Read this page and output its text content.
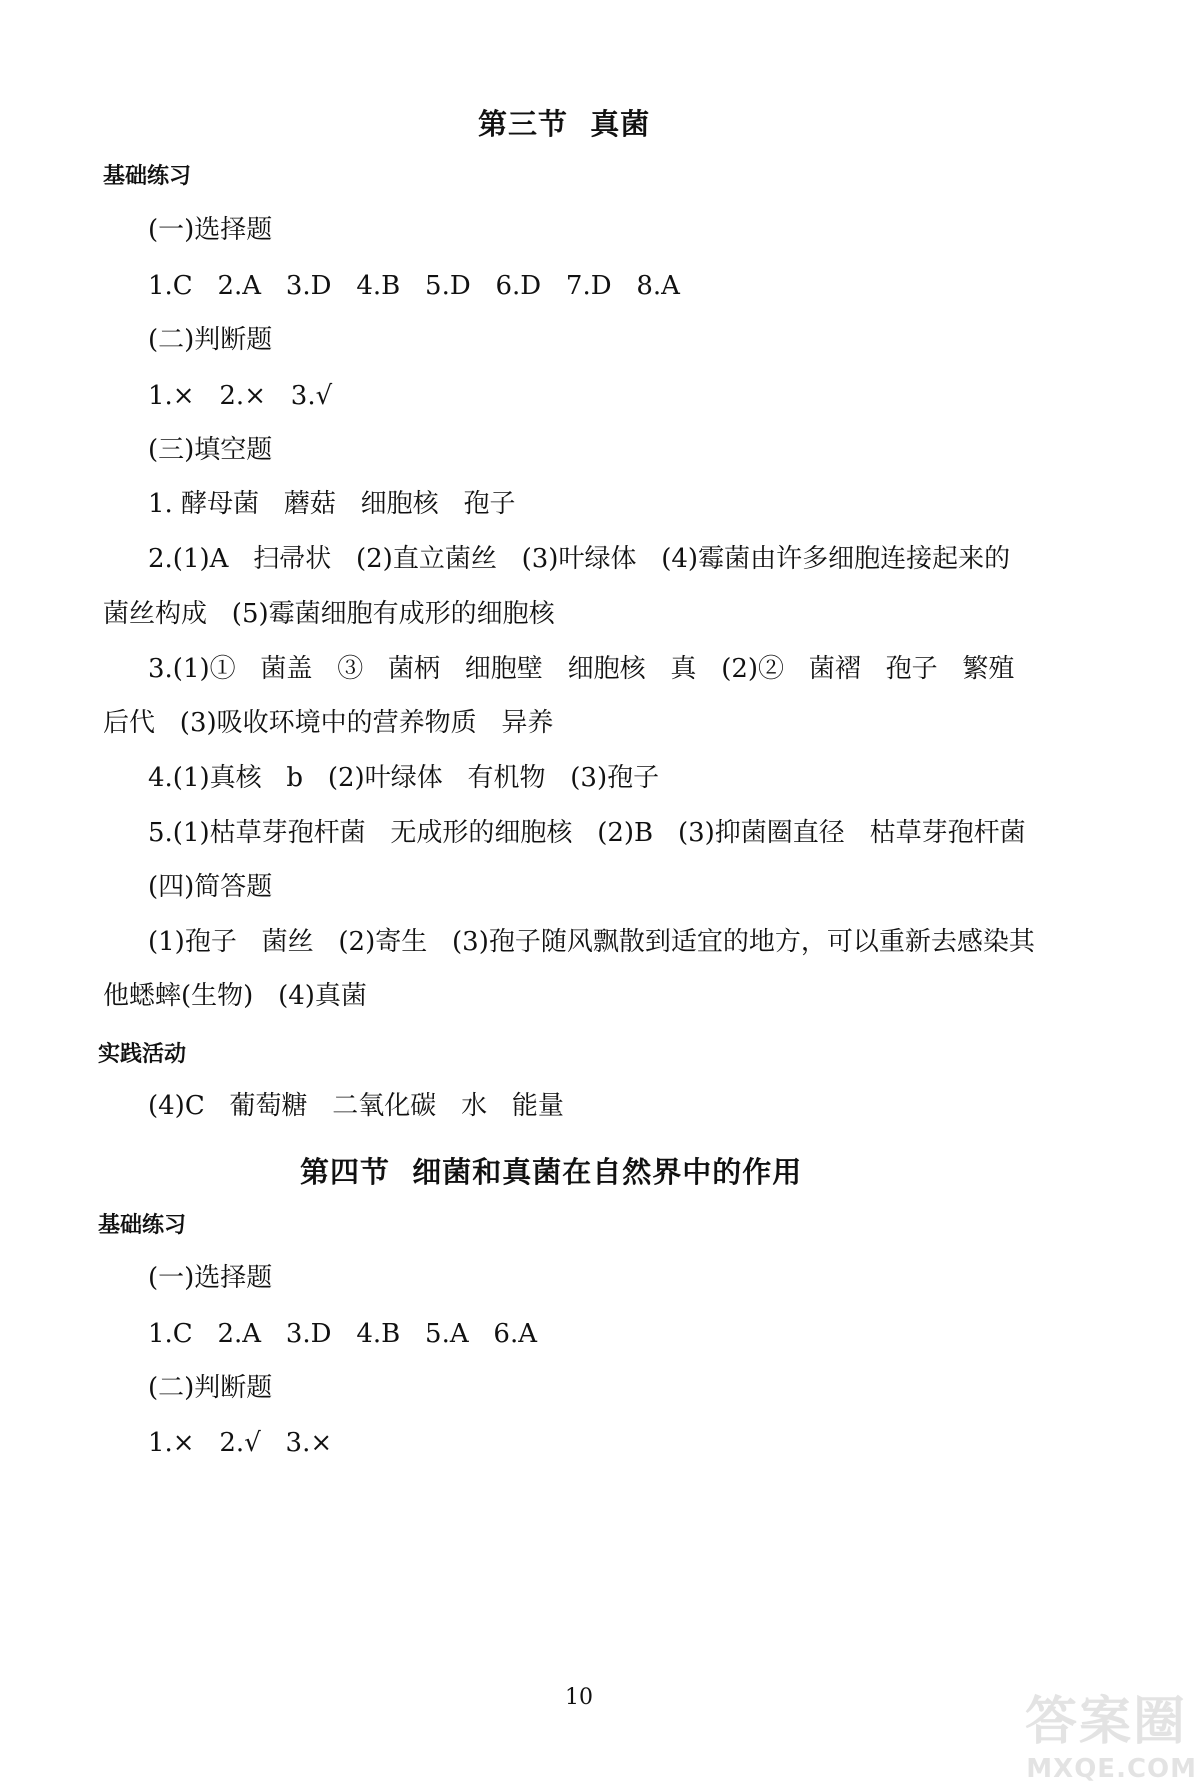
第三节  真菌
基础练习
(一)选择题
1.C   2.A   3.D   4.B   5.D   6.D   7.D   8.A
(二)判断题
1.×   2.×   3.√
(三)填空题
1. 酵母菌   蘑菇   细胞核   孢子
2.(1)A   扫帚状   (2)直立菌丝   (3)叶绿体   (4)霉菌由许多细胞连接起来的
菌丝构成   (5)霉菌细胞有成形的细胞核
3.(1)①   菌盖   ③   菌柄   细胞壁   细胞核   真   (2)②   菌褶   孢子   繁殖
后代   (3)吸收环境中的营养物质   异养
4.(1)真核   b   (2)叶绿体   有机物   (3)孢子
5.(1)枯草芽孢杆菌   无成形的细胞核   (2)B   (3)抑菌圈直径   枯草芽孢杆菌
(四)简答题
(1)孢子   菌丝   (2)寄生   (3)孢子随风飘散到适宜的地方，可以重新去感染其
他蟋蟀(生物)   (4)真菌
实践活动
(4)C   葡萄糖   二氧化碳   水   能量
第四节  细菌和真菌在自然界中的作用
基础练习
(一)选择题
1.C   2.A   3.D   4.B   5.A   6.A
(二)判断题
1.×   2.√   3.×
10	答案圈
MXQE.COM
